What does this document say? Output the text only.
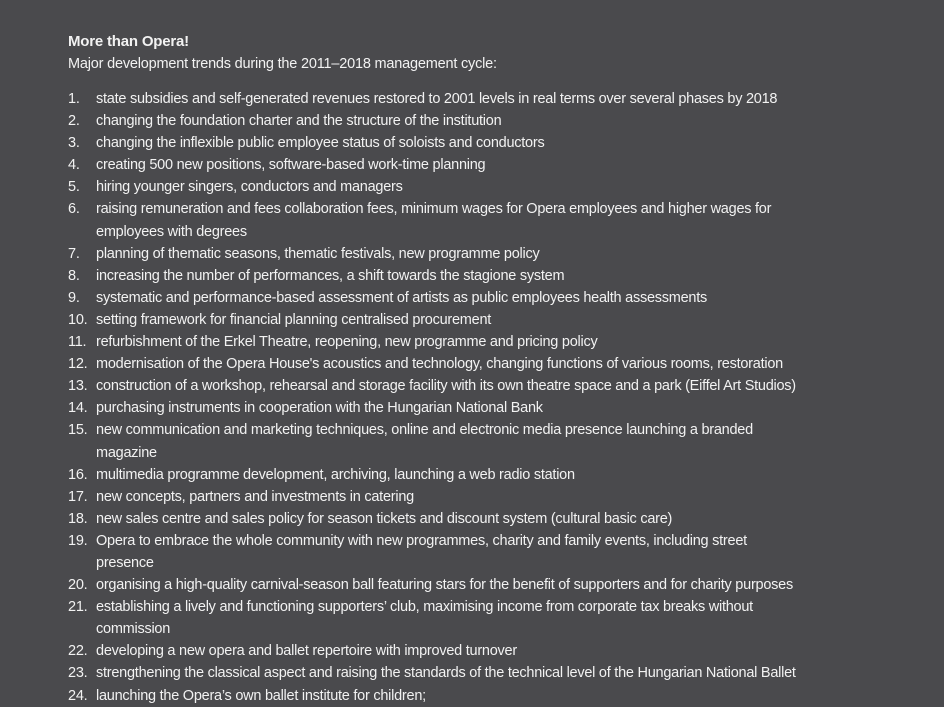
More than Opera!

Major development trends during the 2011–2018 management cycle:

1.	state subsidies and self-generated revenues restored to 2001 levels in real terms over several phases by 2018
2.	changing the foundation charter and the structure of the institution
3.	changing the inflexible public employee status of soloists and conductors
4.	creating 500 new positions, software-based work-time planning
5.	hiring younger singers, conductors and managers
6.	raising remuneration and fees collaboration fees, minimum wages for Opera employees and higher wages for employees with degrees
7.	planning of thematic seasons, thematic festivals, new programme policy
8.	increasing the number of performances, a shift towards the stagione system
9.	systematic and performance-based assessment of artists as public employees health assessments
10. setting framework for financial planning centralised procurement
11. refurbishment of the Erkel Theatre, reopening, new programme and pricing policy
12. modernisation of the Opera House's acoustics and technology, changing functions of various rooms, restoration
13. construction of a workshop, rehearsal and storage facility with its own theatre space and a park (Eiffel Art Studios)
14. purchasing instruments in cooperation with the Hungarian National Bank
15. new communication and marketing techniques, online and electronic media presence launching a branded magazine
16. multimedia programme development, archiving, launching a web radio station
17. new concepts, partners and investments in catering
18. new sales centre and sales policy for season tickets and discount system (cultural basic care)
19. Opera to embrace the whole community with new programmes, charity and family events, including street presence
20. organising a high-quality carnival-season ball featuring stars for the benefit of supporters and for charity purposes
21. establishing a lively and functioning supporters’ club, maximising income from corporate tax breaks without commission
22. developing a new opera and ballet repertoire with improved turnover
23. strengthening the classical aspect and raising the standards of the technical level of the Hungarian National Ballet
24. launching the Opera’s own ballet institute for children;
